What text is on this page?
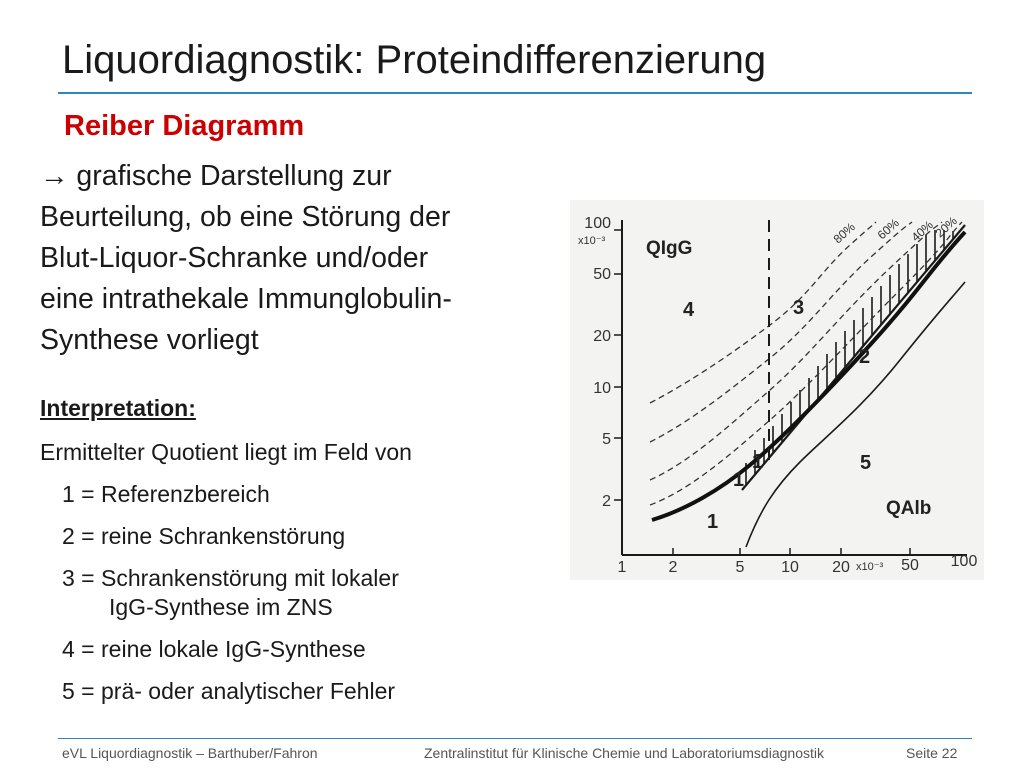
Liquordiagnostik: Proteindifferenzierung
Reiber Diagramm
→ grafische Darstellung zur
Beurteilung, ob eine Störung der
Blut-Liquor-Schranke und/oder
eine intrathekale Immunglobulin-
Synthese vorliegt
Interpretation:
Ermittelter Quotient liegt im Feld von
1 = Referenzbereich
2 = reine Schrankenstörung
3 = Schrankenstörung mit lokaler
IgG-Synthese im ZNS
4 = reine lokale IgG-Synthese
5 = prä- oder analytischer Fehler
100
50
20
10
5
2
x10⁻³
1	2	5 10 20	50 100
x10⁻³
QIgG
QAlb
80% 60% 40%
20%
1
1
1
2
3
4
5
eVL Liquordiagnostik – Barthuber/Fahron	Zentralinstitut für Klinische Chemie und Laboratoriumsdiagnostik	Seite 22
